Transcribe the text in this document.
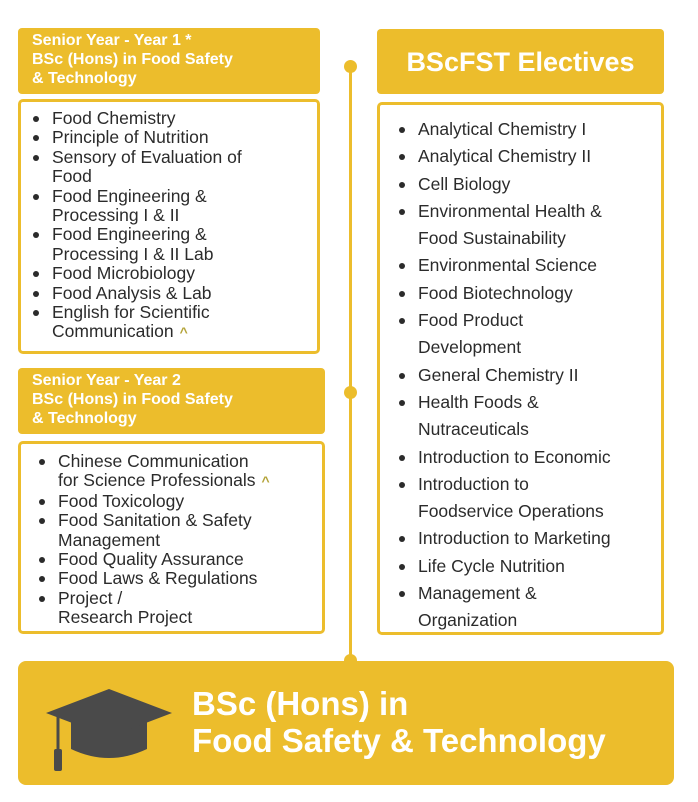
Senior Year - Year 1 *
BSc (Hons) in Food Safety
& Technology
Food Chemistry
Principle of Nutrition
Sensory of Evaluation of
Food
Food Engineering &
Processing I & II
Food Engineering &
Processing I & II Lab
Food Microbiology
Food Analysis & Lab
English for Scientific
Communication ^
Senior Year - Year 2
BSc (Hons) in Food Safety
& Technology
Chinese Communication
for Science Professionals ^
Food Toxicology
Food Sanitation & Safety
Management
Food Quality Assurance
Food Laws & Regulations
Project /
Research Project
BScFST Electives
Analytical Chemistry I
Analytical Chemistry II
Cell Biology
Environmental Health &
Food Sustainability
Environmental Science
Food Biotechnology
Food Product
Development
General Chemistry II
Health Foods &
Nutraceuticals
Introduction to Economic
Introduction to
Foodservice Operations
Introduction to Marketing
Life Cycle Nutrition
Management &
Organization
BSc (Hons) in
Food Safety & Technology
